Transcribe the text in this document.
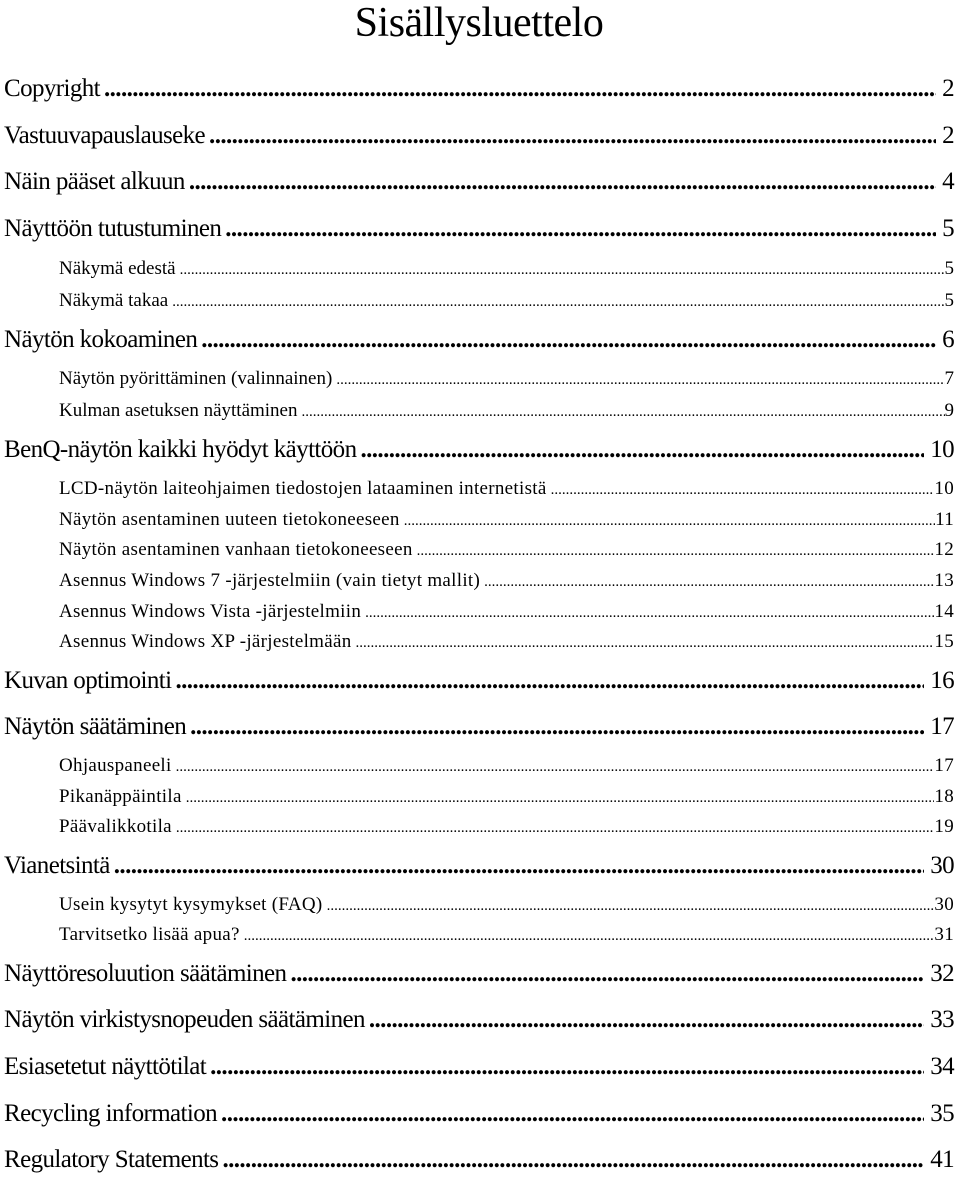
Sisällysluettelo
Copyright .....	2
Vastuuvapauslauseke .....	2
Näin pääset alkuun .....	4
Näyttöön tutustuminen .....	5
Näkymä edestä .....	5
Näkymä takaa .....	5
Näytön kokoaminen .....	6
Näytön pyörittäminen (valinnainen) .....	7
Kulman asetuksen näyttäminen .....	9
BenQ-näytön kaikki hyödyt käyttöön .....	10
LCD-näytön laiteohjaimen tiedostojen lataaminen internetistä .....	10
Näytön asentaminen uuteen tietokoneeseen .....	11
Näytön asentaminen vanhaan tietokoneeseen .....	12
Asennus Windows 7 -järjestelmiin (vain tietyt mallit) .....	13
Asennus Windows Vista -järjestelmiin .....	14
Asennus Windows XP -järjestelmään .....	15
Kuvan optimointi .....	16
Näytön säätäminen .....	17
Ohjauspaneeli .....	17
Pikanäppäintila .....	18
Päävalikkotila .....	19
Vianetsintä .....	30
Usein kysytyt kysymykset (FAQ) .....	30
Tarvitsetko lisää apua? .....	31
Näyttöresoluution säätäminen .....	32
Näytön virkistysnopeuden säätäminen .....	33
Esiasetetut näyttötilat .....	34
Recycling information .....	35
Regulatory Statements .....	41
